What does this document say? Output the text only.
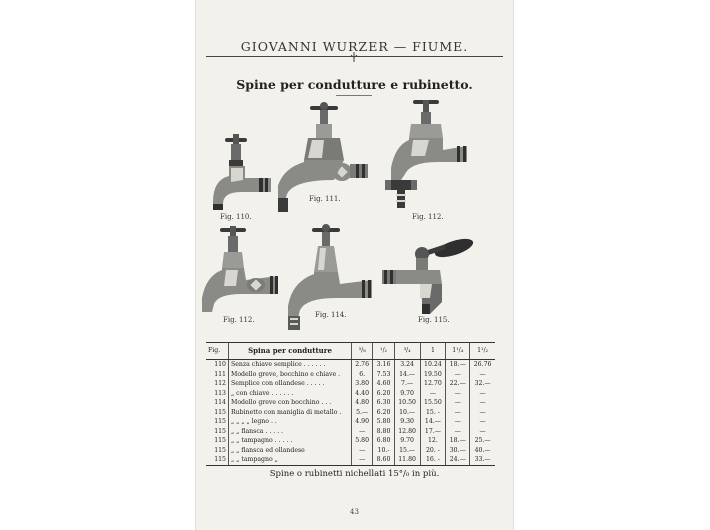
GIOVANNI WURZER — FIUME.
Spine per condutture e rubinetto.
Fig. 110.
Fig. 111.
Fig. 112.
Fig. 112.
Fig. 114.
Fig. 115.
Fig.	Spina per condutture	³/₈	¹/₂	³/₄	1	1¹/₄	1¹/₂
110	Senza chiave semplice . . . . . .	2.76	3.16	3.24	10.24	18.—	26.76
111	Modello greve, bocchino e chiave .	6.	7.53	14.—	19.50	—	—
112	Semplice con ollandese . . . . .	3.80	4.60	7.—	12.70	22.—	32.—
113	„ con chiave . . . . . .	4.40	6.20	9.70	—	—	—
114	Modello greve con bocchino . . .	4.80	6.30	10.50	15.50	—	—
115	Rubinetto con maniglia di metallo .	5.—	6.20	10.—	15. -	—	—
115	„ „ „ „ legno . .	4.90	5.80	9.30	14.—	—	—
115	„ „ flansca . . . . .	—	8.80	12.80	17.—	—	—
115	„ „ tampagno . . . . .	5.80	6.80	9.70	12.	18.—	25.—
115	„ „ flansca ed ollandese	—	10.-	15.—	20. -	30.—	40.—
115	„ „ tampagno „	—	8.60	11.80	16. -	24.—	33.—
Spine o rubinetti nichellati 15°/₀ in più.
43
